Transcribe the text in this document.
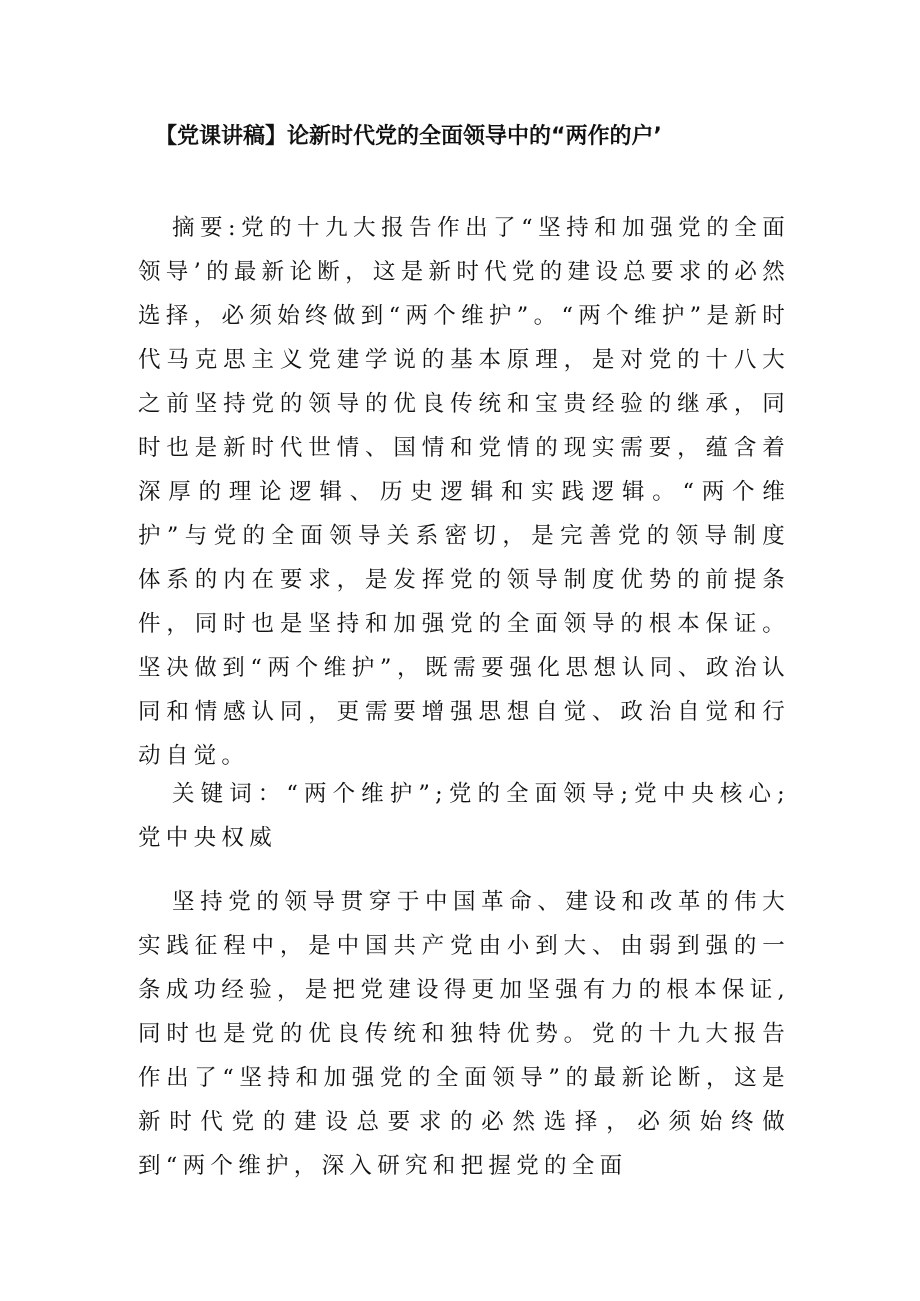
【党课讲稿】论新时代党的全面领导中的“两作的户’

摘要:党的十九大报告作出了“坚持和加强党的全面领导’的最新论断，这是新时代党的建设总要求的必然选择，必须始终做到“两个维护”。“两个维护”是新时代马克思主义党建学说的基本原理，是对党的十八大之前坚持党的领导的优良传统和宝贵经验的继承，同时也是新时代世情、国情和党情的现实需要，蕴含着深厚的理论逻辑、历史逻辑和实践逻辑。“两个维护”与党的全面领导关系密切，是完善党的领导制度体系的内在要求，是发挥党的领导制度优势的前提条件，同时也是坚持和加强党的全面领导的根本保证。坚决做到“两个维护”，既需要强化思想认同、政治认同和情感认同，更需要增强思想自觉、政治自觉和行动自觉。

关键词：“两个维护”;党的全面领导;党中央核心;党中央权威

坚持党的领导贯穿于中国革命、建设和改革的伟大实践征程中，是中国共产党由小到大、由弱到强的一条成功经验，是把党建设得更加坚强有力的根本保证,同时也是党的优良传统和独特优势。党的十九大报告作出了“坚持和加强党的全面领导”的最新论断，这是新时代党的建设总要求的必然选择，必须始终做到“两个维护，深入研究和把握党的全面
